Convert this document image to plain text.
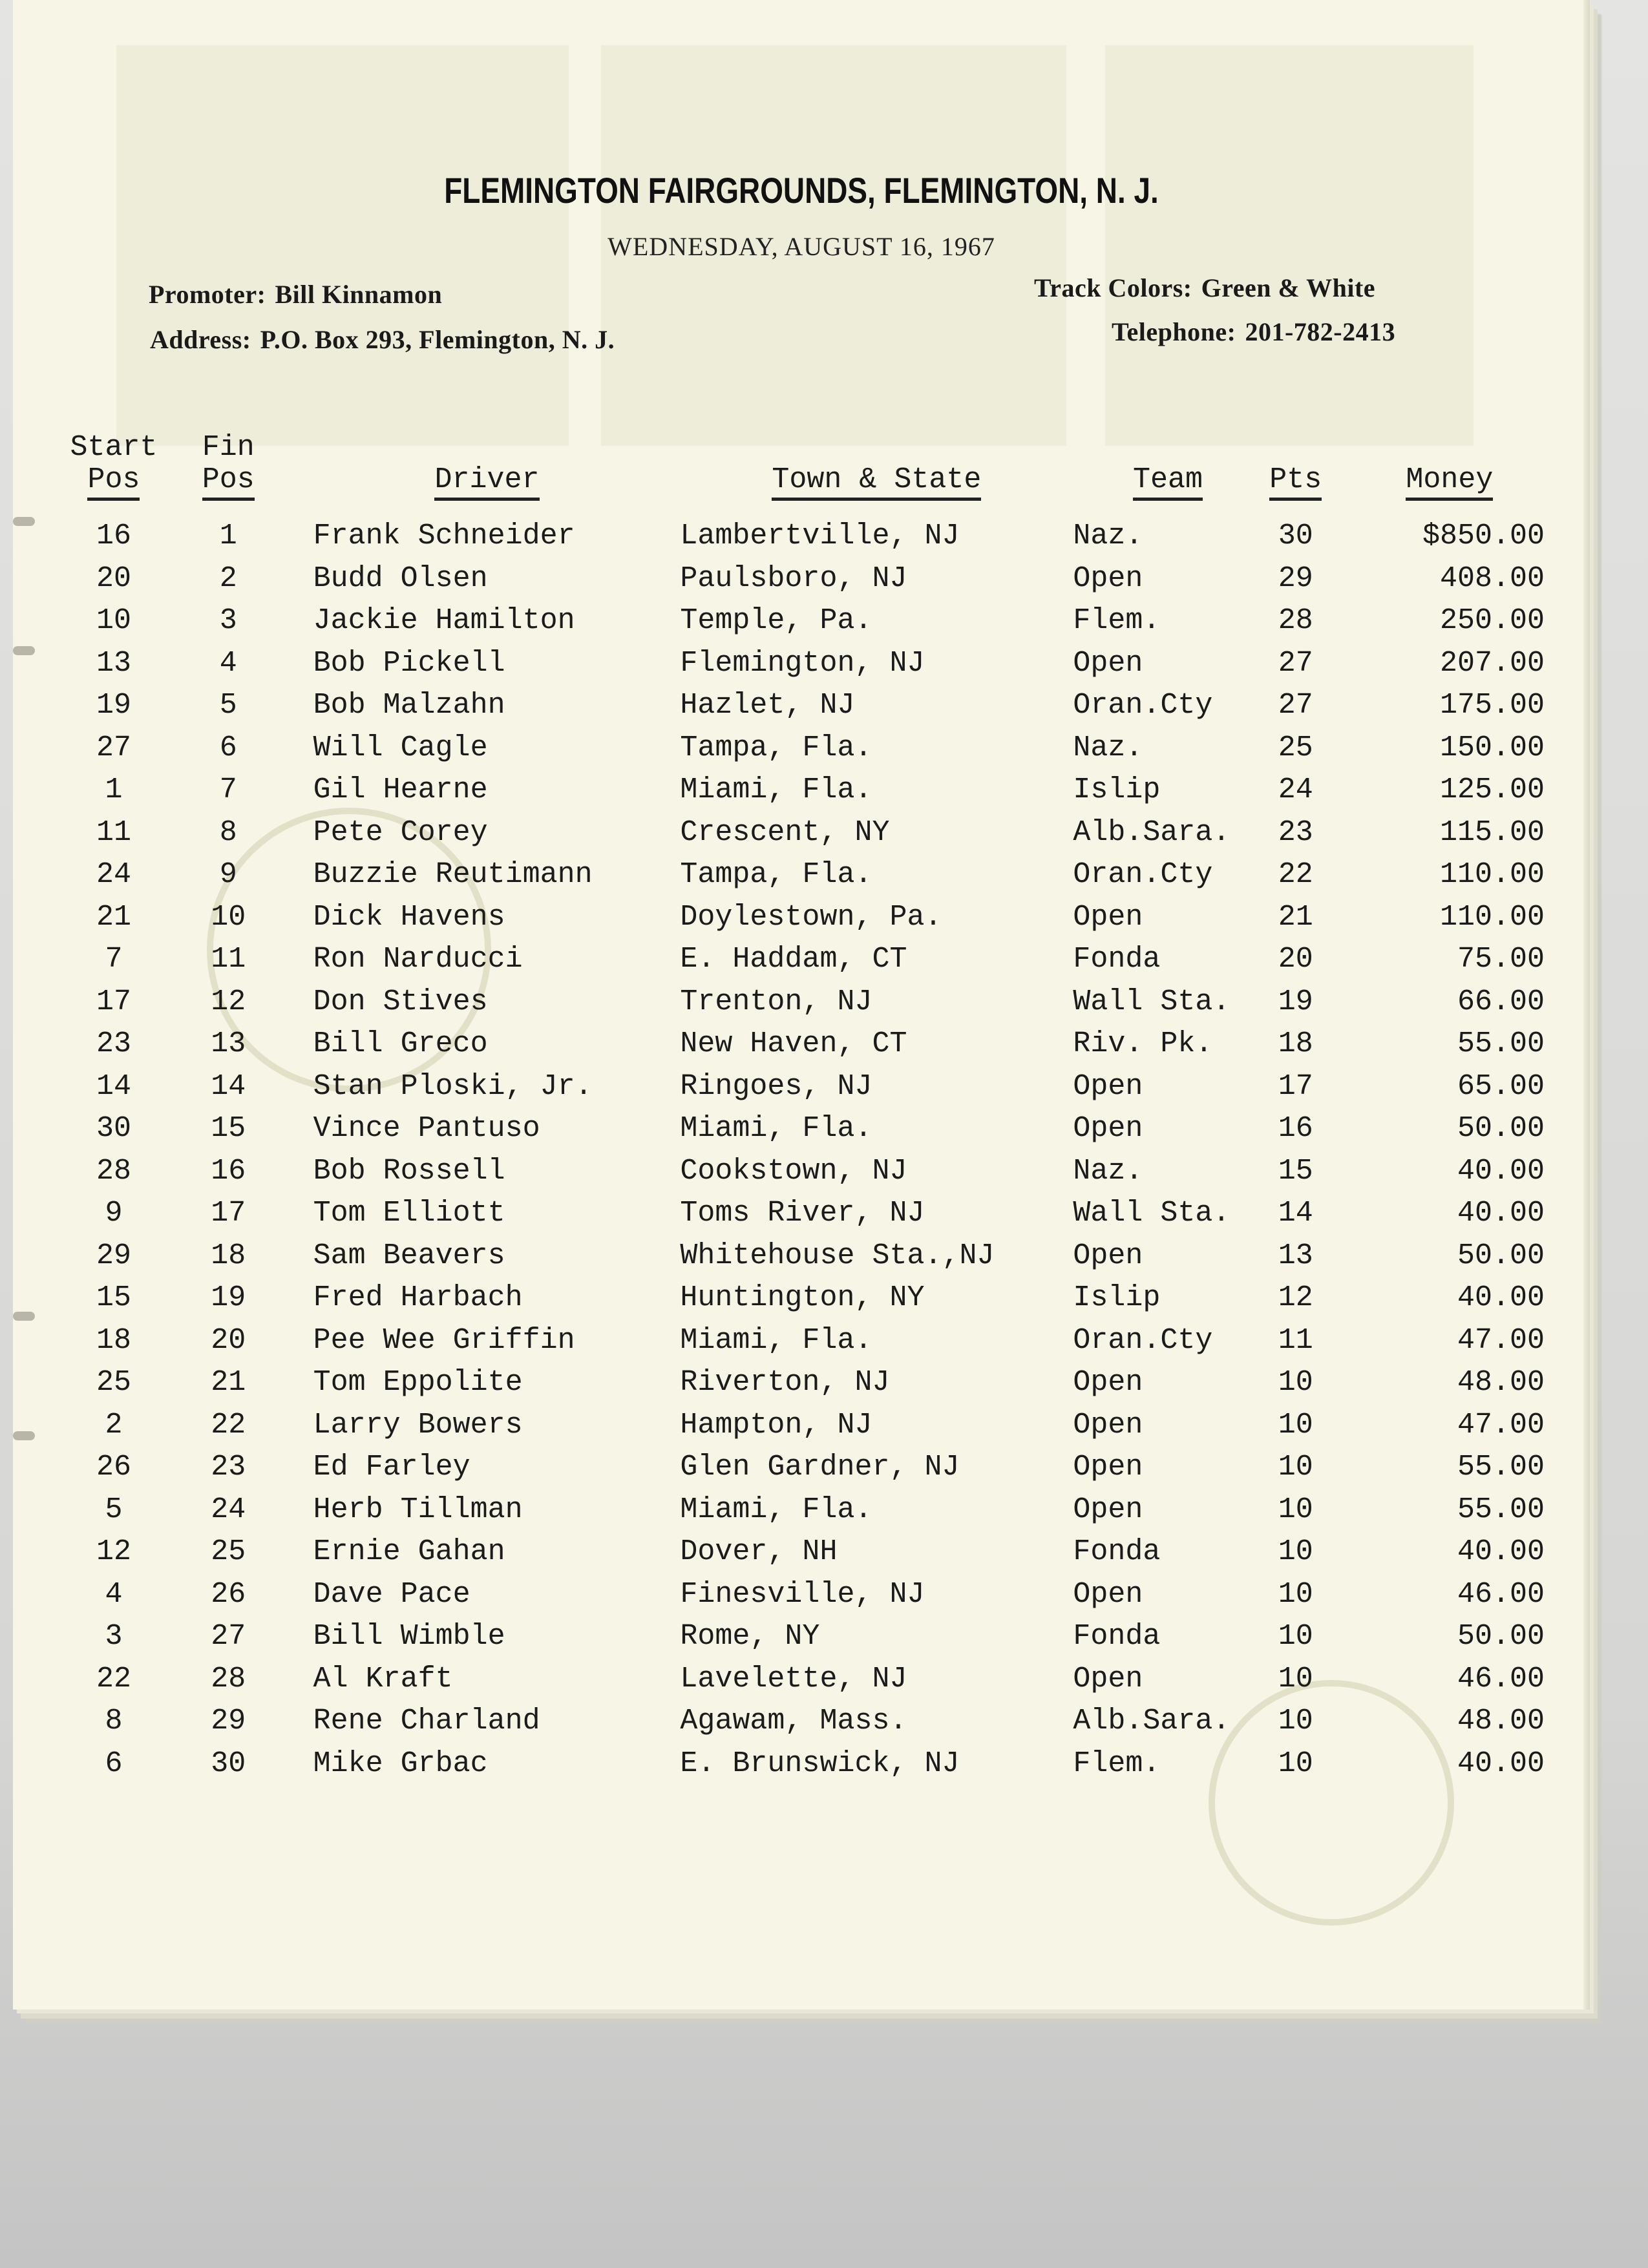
FLEMINGTON FAIRGROUNDS, FLEMINGTON, N. J.
WEDNESDAY, AUGUST 16, 1967
Promoter: Bill Kinnamon
Address: P.O. Box 293, Flemington, N. J.
Track Colors: Green & White
Telephone: 201-782-2413
Start
Pos	Fin
Pos	Driver	Town & State	Team	Pts	Money
16	1	Frank Schneider	Lambertville, NJ	Naz.	30	$850.00
20	2	Budd Olsen	Paulsboro, NJ	Open	29	408.00
10	3	Jackie Hamilton	Temple, Pa.	Flem.	28	250.00
13	4	Bob Pickell	Flemington, NJ	Open	27	207.00
19	5	Bob Malzahn	Hazlet, NJ	Oran.Cty	27	175.00
27	6	Will Cagle	Tampa, Fla.	Naz.	25	150.00
1	7	Gil Hearne	Miami, Fla.	Islip	24	125.00
11	8	Pete Corey	Crescent, NY	Alb.Sara.	23	115.00
24	9	Buzzie Reutimann	Tampa, Fla.	Oran.Cty	22	110.00
21	10	Dick Havens	Doylestown, Pa.	Open	21	110.00
7	11	Ron Narducci	E. Haddam, CT	Fonda	20	75.00
17	12	Don Stives	Trenton, NJ	Wall Sta.	19	66.00
23	13	Bill Greco	New Haven, CT	Riv. Pk.	18	55.00
14	14	Stan Ploski, Jr.	Ringoes, NJ	Open	17	65.00
30	15	Vince Pantuso	Miami, Fla.	Open	16	50.00
28	16	Bob Rossell	Cookstown, NJ	Naz.	15	40.00
9	17	Tom Elliott	Toms River, NJ	Wall Sta.	14	40.00
29	18	Sam Beavers	Whitehouse Sta.,NJ	Open	13	50.00
15	19	Fred Harbach	Huntington, NY	Islip	12	40.00
18	20	Pee Wee Griffin	Miami, Fla.	Oran.Cty	11	47.00
25	21	Tom Eppolite	Riverton, NJ	Open	10	48.00
2	22	Larry Bowers	Hampton, NJ	Open	10	47.00
26	23	Ed Farley	Glen Gardner, NJ	Open	10	55.00
5	24	Herb Tillman	Miami, Fla.	Open	10	55.00
12	25	Ernie Gahan	Dover, NH	Fonda	10	40.00
4	26	Dave Pace	Finesville, NJ	Open	10	46.00
3	27	Bill Wimble	Rome, NY	Fonda	10	50.00
22	28	Al Kraft	Lavelette, NJ	Open	10	46.00
8	29	Rene Charland	Agawam, Mass.	Alb.Sara.	10	48.00
6	30	Mike Grbac	E. Brunswick, NJ	Flem.	10	40.00
